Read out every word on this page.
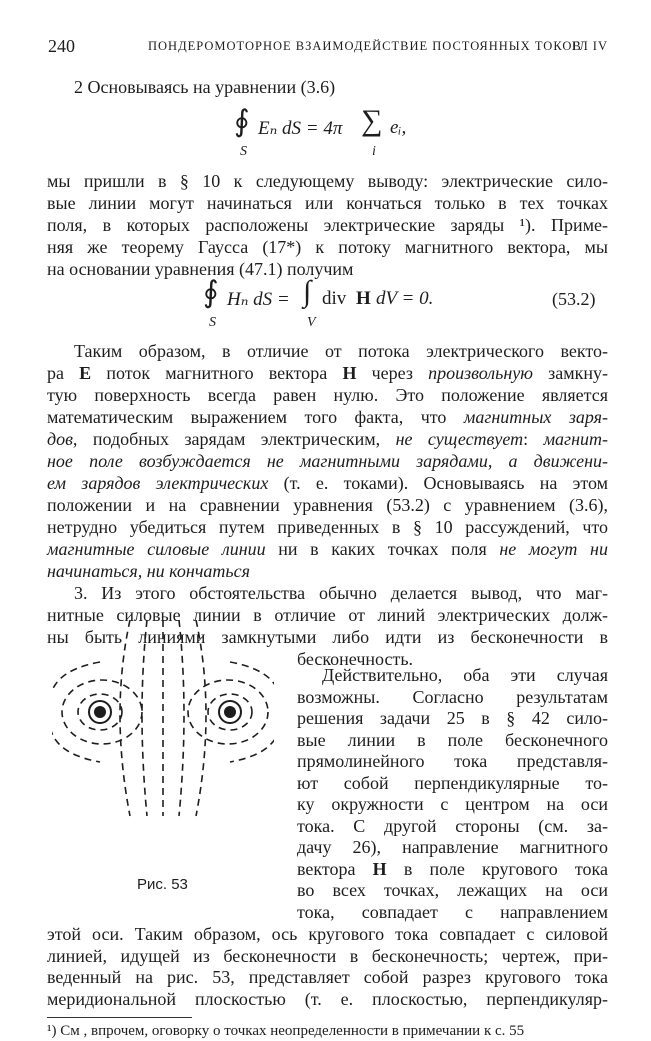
240	ПОНДЕРОМОТОРНОЕ ВЗАИМОДЕЙСТВИЕ ПОСТОЯННЫХ ТОКОВ
ГЛ IV
2 Основываясь на уравнении (3.6)
∮ Eₙ dS = 4π ∑ eᵢ,
S	i
мы пришли в § 10 к следующему выводу: электрические сило-
вые линии могут начинаться или кончаться только в тех точках
поля, в которых расположены электрические заряды ¹). Приме-
няя же теорему Гаусса (17*) к потоку магнитного вектора, мы
на основании уравнения (47.1) получим
∮ Hₙ dS = ∫ div H dV = 0.
S	V
(53.2)
Таким образом, в отличие от потока электрического векто-
ра E поток магнитного вектора H через произвольную замкну-
тую поверхность всегда равен нулю. Это положение является
математическим выражением того факта, что магнитных заря-
дов, подобных зарядам электрическим, не существует: магнит-
ное поле возбуждается не магнитными зарядами, а движени-
ем зарядов электрических (т. е. токами). Основываясь на этом
положении и на сравнении уравнения (53.2) с уравнением (3.6),
нетрудно убедиться путем приведенных в § 10 рассуждений, что
магнитные силовые линии ни в каких точках поля не могут ни
начинаться, ни кончаться
3. Из этого обстоятельства обычно делается вывод, что маг-
нитные силовые линии в отличие от линий электрических долж-
ны быть линиями замкнутыми либо идти из бесконечности в
бесконечность.
Действительно, оба эти случая
возможны. Согласно результатам
решения задачи 25 в § 42 сило-
вые линии в поле бесконечного
прямолинейного тока представля-
ют собой перпендикулярные то-
ку окружности с центром на оси
тока. С другой стороны (см. за-
дачу 26), направление магнитного
вектора H в поле кругового тока
во всех точках, лежащих на оси
тока, совпадает с направлением
Рис. 53
этой оси. Таким образом, ось кругового тока совпадает с силовой
линией, идущей из бесконечности в бесконечность; чертеж, при-
веденный на рис. 53, представляет собой разрез кругового тока
меридиональной плоскостью (т. е. плоскостью, перпендикуляр-
¹) См , впрочем, оговорку о точках неопределенности в примечании к с. 55
